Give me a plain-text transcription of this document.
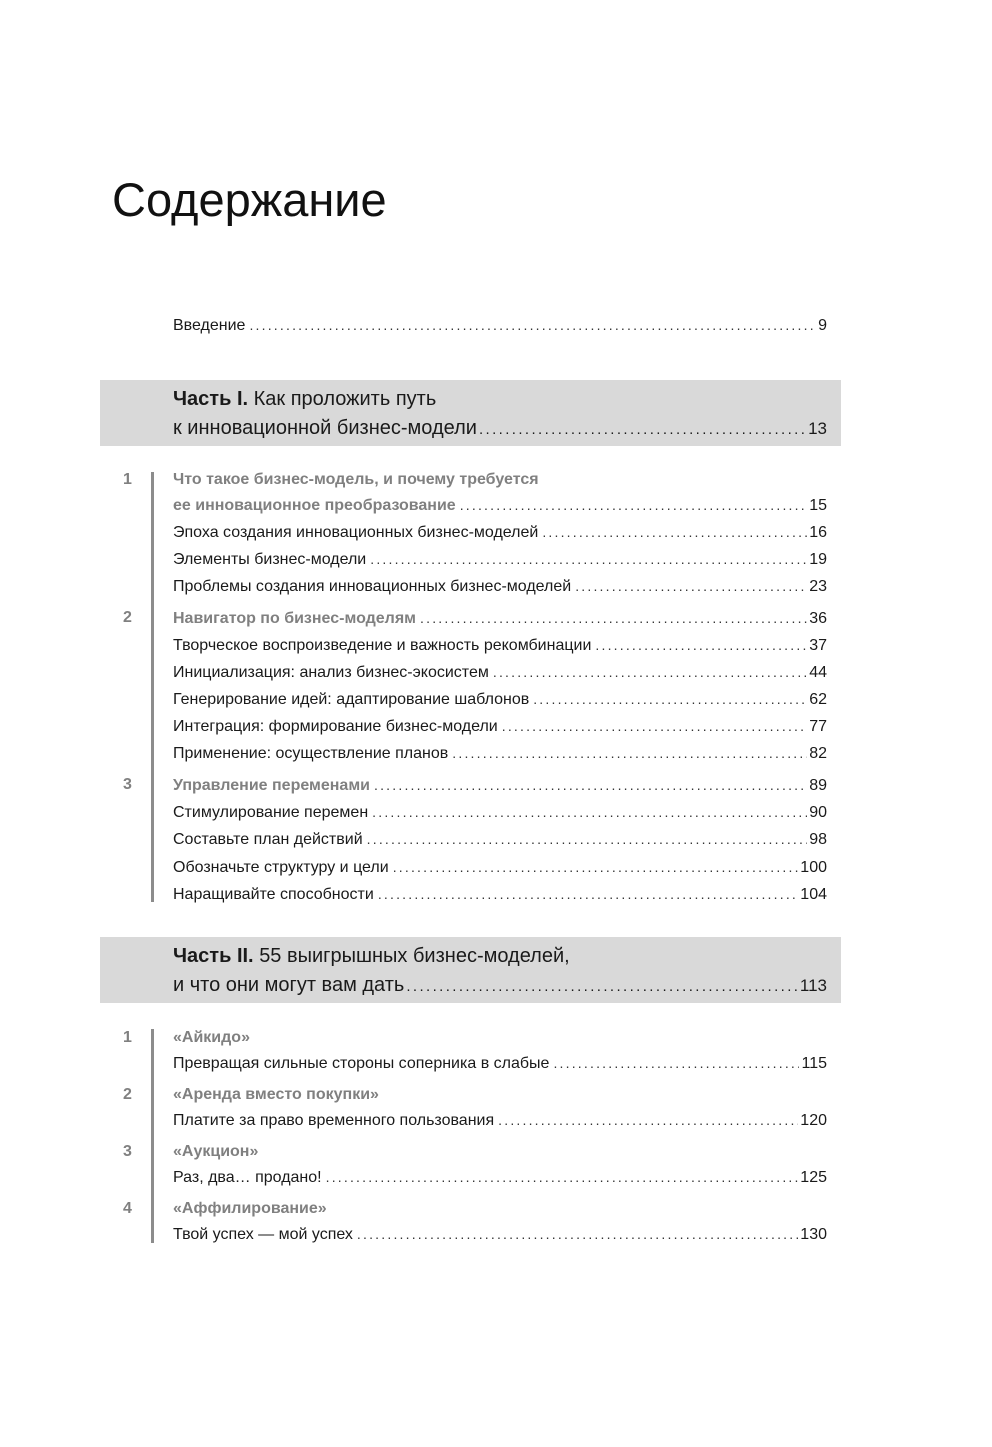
Содержание
Введение .....	9
Часть I. Как проложить путь
к инновационной бизнес-модели .....	13
1	Что такое бизнес-модель, и почему требуется
ее инновационное преобразование .....	15
Эпоха создания инновационных бизнес-моделей .....	16
Элементы бизнес-модели .....	19
Проблемы создания инновационных бизнес-моделей .....	23
2	Навигатор по бизнес-моделям .....	36
Творческое воспроизведение и важность рекомбинации .....	37
Инициализация: анализ бизнес-экосистем .....	44
Генерирование идей: адаптирование шаблонов .....	62
Интеграция: формирование бизнес-модели .....	77
Применение: осуществление планов .....	82
3	Управление переменами .....	89
Стимулирование перемен .....	90
Составьте план действий .....	98
Обозначьте структуру и цели .....	100
Наращивайте способности .....	104
Часть II. 55 выигрышных бизнес-моделей,
и что они могут вам дать .....	113
1	«Айкидо»
Превращая сильные стороны соперника в слабые .....	115
2	«Аренда вместо покупки»
Платите за право временного пользования .....	120
3	«Аукцион»
Раз, два… продано! .....	125
4	«Аффилирование»
Твой успех — мой успех .....	130
